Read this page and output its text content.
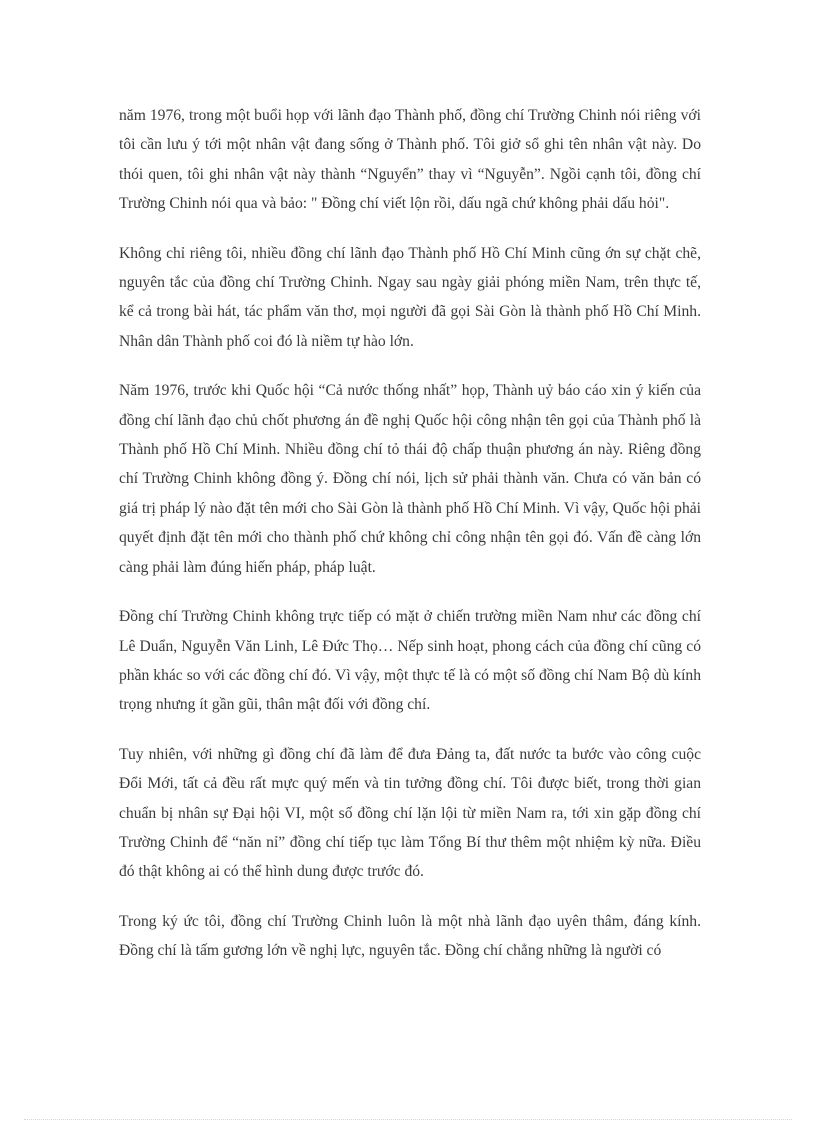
năm 1976, trong một buổi họp với lãnh đạo Thành phố, đồng chí Trường Chinh nói riêng với tôi cần lưu ý tới một nhân vật đang sống ở Thành phố. Tôi giở sổ ghi tên nhân vật này. Do thói quen, tôi ghi nhân vật này thành “Nguyển” thay vì “Nguyễn”. Ngồi cạnh tôi, đồng chí Trường Chinh nói qua và bảo: " Đồng chí viết lộn rồi, dấu ngã chứ không phải dấu hỏi".

Không chỉ riêng tôi, nhiều đồng chí lãnh đạo Thành phố Hồ Chí Minh cũng ớn sự chặt chẽ, nguyên tắc của đồng chí Trường Chinh. Ngay sau ngày giải phóng miền Nam, trên thực tế, kể cả trong bài hát, tác phẩm văn thơ, mọi người đã gọi Sài Gòn là thành phố Hồ Chí Minh. Nhân dân Thành phố coi đó là niềm tự hào lớn.

Năm 1976, trước khi Quốc hội “Cả nước thống nhất” họp, Thành uỷ báo cáo xin ý kiến của đồng chí lãnh đạo chủ chốt phương án đề nghị Quốc hội công nhận tên gọi của Thành phố là Thành phố Hồ Chí Minh. Nhiều đồng chí tỏ thái độ chấp thuận phương án này. Riêng đồng chí Trường Chinh không đồng ý. Đồng chí nói, lịch sử phải thành văn. Chưa có văn bản có giá trị pháp lý nào đặt tên mới cho Sài Gòn là thành phố Hồ Chí Minh. Vì vậy, Quốc hội phải quyết định đặt tên mới cho thành phố chứ không chỉ công nhận tên gọi đó. Vấn đề càng lớn càng phải làm đúng hiến pháp, pháp luật.

Đồng chí Trường Chinh không trực tiếp có mặt ở chiến trường miền Nam như các đồng chí Lê Duẩn, Nguyễn Văn Linh, Lê Đức Thọ… Nếp sinh hoạt, phong cách của đồng chí cũng có phần khác so với các đồng chí đó. Vì vậy, một thực tế là có một số đồng chí Nam Bộ dù kính trọng nhưng ít gần gũi, thân mật đối với đồng chí.

Tuy nhiên, với những gì đồng chí đã làm để đưa Đảng ta, đất nước ta bước vào công cuộc Đổi Mới, tất cả đều rất mực quý mến và tin tưởng đồng chí. Tôi được biết, trong thời gian chuẩn bị nhân sự Đại hội VI, một số đồng chí lặn lội từ miền Nam ra, tới xin gặp đồng chí Trường Chinh để “năn nỉ” đồng chí tiếp tục làm Tổng Bí thư thêm một nhiệm kỳ nữa. Điều đó thật không ai có thể hình dung được trước đó.

Trong ký ức tôi, đồng chí Trường Chinh luôn là một nhà lãnh đạo uyên thâm, đáng kính. Đồng chí là tấm gương lớn về nghị lực, nguyên tắc. Đồng chí chẳng những là người có
